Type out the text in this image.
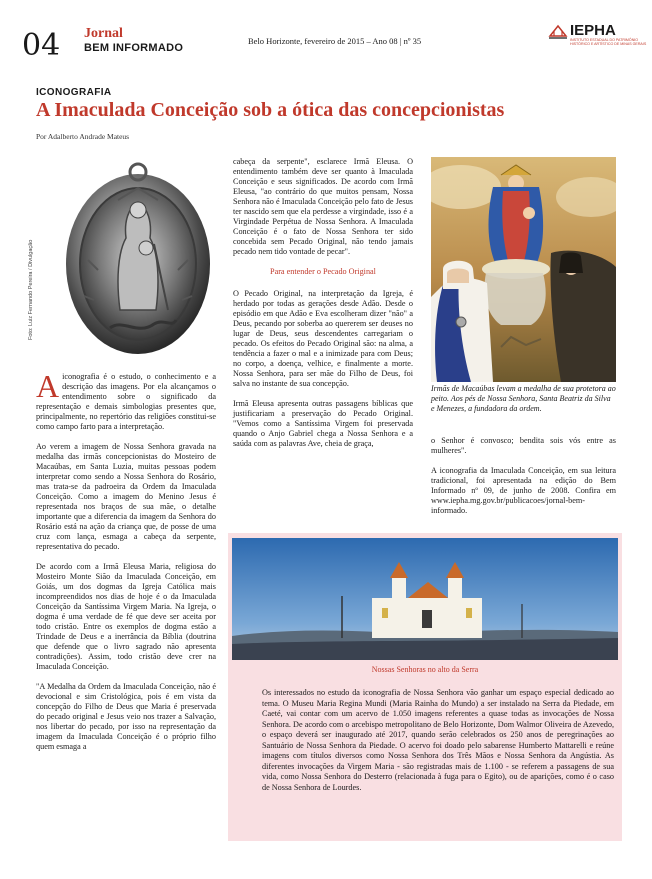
04 Jornal
BEM INFORMADO
Belo Horizonte, fevereiro de 2015 – Ano 08 | nº 35
IEPHA
INSTITUTO ESTADUAL DO PATRIMÔNIO HISTÓRICO E ARTÍSTICO DE MINAS GERAIS
ICONOGRAFIA
A Imaculada Conceição sob a ótica das concepcionistas
Por Adalberto Andrade Mateus
Foto: Luiz Fernando Pereira / Divulgação

Aiconografia é o estudo, o conhecimento e a descrição das imagens. Por ela alcançamos o entendimento sobre o significado da representação e demais simbologias presentes que, principalmente, no repertório das religiões constitui-se como campo farto para a interpretação.

Ao verem a imagem de Nossa Senhora gravada na medalha das irmãs concepcionistas do Mosteiro de Macaúbas, em Santa Luzia, muitas pessoas podem interpretar como sendo a Nossa Senhora do Rosário, mas trata-se da padroeira da Ordem da Imaculada Conceição. Como a imagem do Menino Jesus é representada nos braços de sua mãe, o detalhe importante que a diferencia da imagem da Senhora do Rosário está na ação da criança que, de posse de uma cruz com lança, esmaga a cabeça da serpente, representativa do pecado.

De acordo com a Irmã Eleusa Maria, religiosa do Mosteiro Monte Sião da Imaculada Conceição, em Goiás, um dos dogmas da Igreja Católica mais incompreendidos nos dias de hoje é o da Imaculada Conceição da Santíssima Virgem Maria. Na Igreja, o dogma é uma verdade de fé que deve ser aceita por todo cristão. Entre os exemplos de dogma estão a Trindade de Deus e a inerrância da Bíblia (doutrina que defende que o livro sagrado não apresenta contradições). Assim, todo cristão deve crer na Imaculada Conceição.

"A Medalha da Ordem da Imaculada Conceição, não é devocional e sim Cristológica, pois é em vista da concepção do Filho de Deus que Maria é preservada do pecado original e Jesus veio nos trazer a Salvação, nos libertar do pecado, por isso na representação da imagem da Imaculada Conceição é o próprio filho quem esmaga a

cabeça da serpente", esclarece Irmã Eleusa. O entendimento também deve ser quanto à Imaculada Conceição e seus significados. De acordo com Irmã Eleusa, "ao contrário do que muitos pensam, Nossa Senhora não é Imaculada Conceição pelo fato de Jesus ter nascido sem que ela perdesse a virgindade, isso é a Virgindade Perpétua de Nossa Senhora. A Imaculada Conceição é o fato de Nossa Senhora ter sido concebida sem Pecado Original, não tendo jamais pecado nem tido vontade de pecar".

Para entender o Pecado Original

O Pecado Original, na interpretação da Igreja, é herdado por todas as gerações desde Adão. Desde o episódio em que Adão e Eva escolheram dizer "não" a Deus, pecando por soberba ao quererem ser deuses no lugar de Deus, seus descendentes carregariam o pecado. Os efeitos do Pecado Original são: na alma, a tendência a fazer o mal e a inimizade para com Deus; no corpo, a doença, velhice, e finalmente a morte. Nossa Senhora, para ser mãe do Filho de Deus, foi salva no instante de sua concepção.

Irmã Eleusa apresenta outras passagens bíblicas que justificariam a preservação do Pecado Original. "Vemos como a Santíssima Virgem foi preservada quando o Anjo Gabriel chega a Nossa Senhora e a saúda com as palavras Ave, cheia de graça,

Irmãs de Macaúbas levam a medalha de sua protetora ao peito. Aos pés de Nossa Senhora, Santa Beatriz da Silva e Menezes, a fundadora da ordem.

o Senhor é convosco; bendita sois vós entre as mulheres".

A iconografia da Imaculada Conceição, em sua leitura tradicional, foi apresentada na edição do Bem Informado nº 09, de junho de 2008. Confira em www.iepha.mg.gov.br/publicacoes/jornal-bem-informado.

Nossas Senhoras no alto da Serra
Os interessados no estudo da iconografia de Nossa Senhora vão ganhar um espaço especial dedicado ao tema. O Museu Maria Regina Mundi (Maria Rainha do Mundo) a ser instalado na Serra da Piedade, em Caeté, vai contar com um acervo de 1.050 imagens referentes a quase todas as invocações de Nossa Senhora. De acordo com o arcebispo metropolitano de Belo Horizonte, Dom Walmor Oliveira de Azevedo, o espaço deverá ser inaugurado até 2017, quando serão celebrados os 250 anos de peregrinações ao Santuário de Nossa Senhora da Piedade. O acervo foi doado pelo sabarense Humberto Mattarelli e reúne imagens com títulos diversos como Nossa Senhora dos Três Mãos e Nossa Senhora da Angústia. As diferentes invocações da Virgem Maria - são registradas mais de 1.100 - se referem a passagens de sua vida, como Nossa Senhora do Desterro (relacionada à fuga para o Egito), ou de aparições, como é o caso de Nossa Senhora de Lourdes.
